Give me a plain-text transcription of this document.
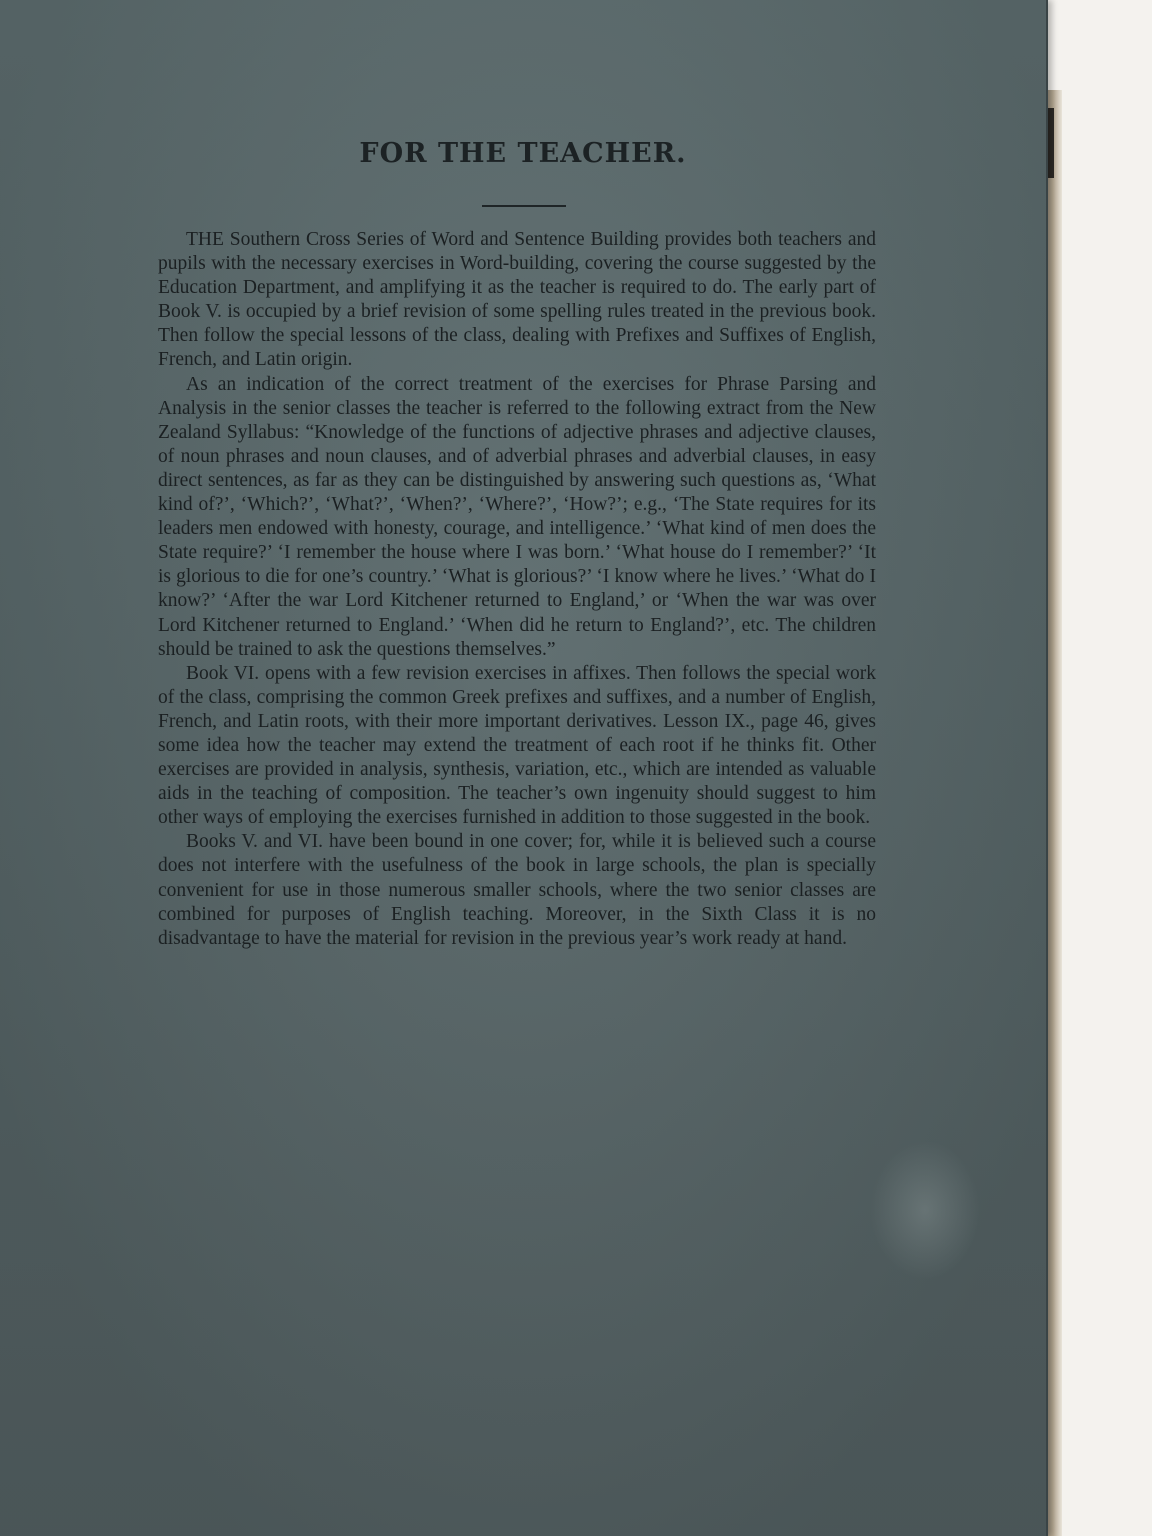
FOR THE TEACHER.

THE Southern Cross Series of Word and Sentence Building provides both teachers and pupils with the necessary exercises in Word-building, covering the course suggested by the Education Department, and amplifying it as the teacher is required to do. The early part of Book V. is occupied by a brief revision of some spelling rules treated in the previous book. Then follow the special lessons of the class, dealing with Prefixes and Suffixes of English, French, and Latin origin.

As an indication of the correct treatment of the exercises for Phrase Parsing and Analysis in the senior classes the teacher is referred to the following extract from the New Zealand Syllabus: “Knowledge of the functions of adjective phrases and adjective clauses, of noun phrases and noun clauses, and of adverbial phrases and adverbial clauses, in easy direct sentences, as far as they can be distinguished by answering such questions as, ‘What kind of?’, ‘Which?’, ‘What?’, ‘When?’, ‘Where?’, ‘How?’; e.g., ‘The State requires for its leaders men endowed with honesty, courage, and intelligence.’ ‘What kind of men does the State require?’ ‘I remember the house where I was born.’ ‘What house do I remember?’ ‘It is glorious to die for one’s country.’ ‘What is glorious?’ ‘I know where he lives.’ ‘What do I know?’ ‘After the war Lord Kitchener returned to England,’ or ‘When the war was over Lord Kitchener returned to England.’ ‘When did he return to England?’, etc. The children should be trained to ask the questions themselves.”

Book VI. opens with a few revision exercises in affixes. Then follows the special work of the class, comprising the common Greek prefixes and suffixes, and a number of English, French, and Latin roots, with their more important derivatives. Lesson IX., page 46, gives some idea how the teacher may extend the treatment of each root if he thinks fit. Other exercises are provided in analysis, synthesis, variation, etc., which are intended as valuable aids in the teaching of composition. The teacher’s own ingenuity should suggest to him other ways of employing the exercises furnished in addition to those suggested in the book.

Books V. and VI. have been bound in one cover; for, while it is believed such a course does not interfere with the usefulness of the book in large schools, the plan is specially convenient for use in those numerous smaller schools, where the two senior classes are combined for purposes of English teaching. Moreover, in the Sixth Class it is no disadvantage to have the material for revision in the previous year’s work ready at hand.
